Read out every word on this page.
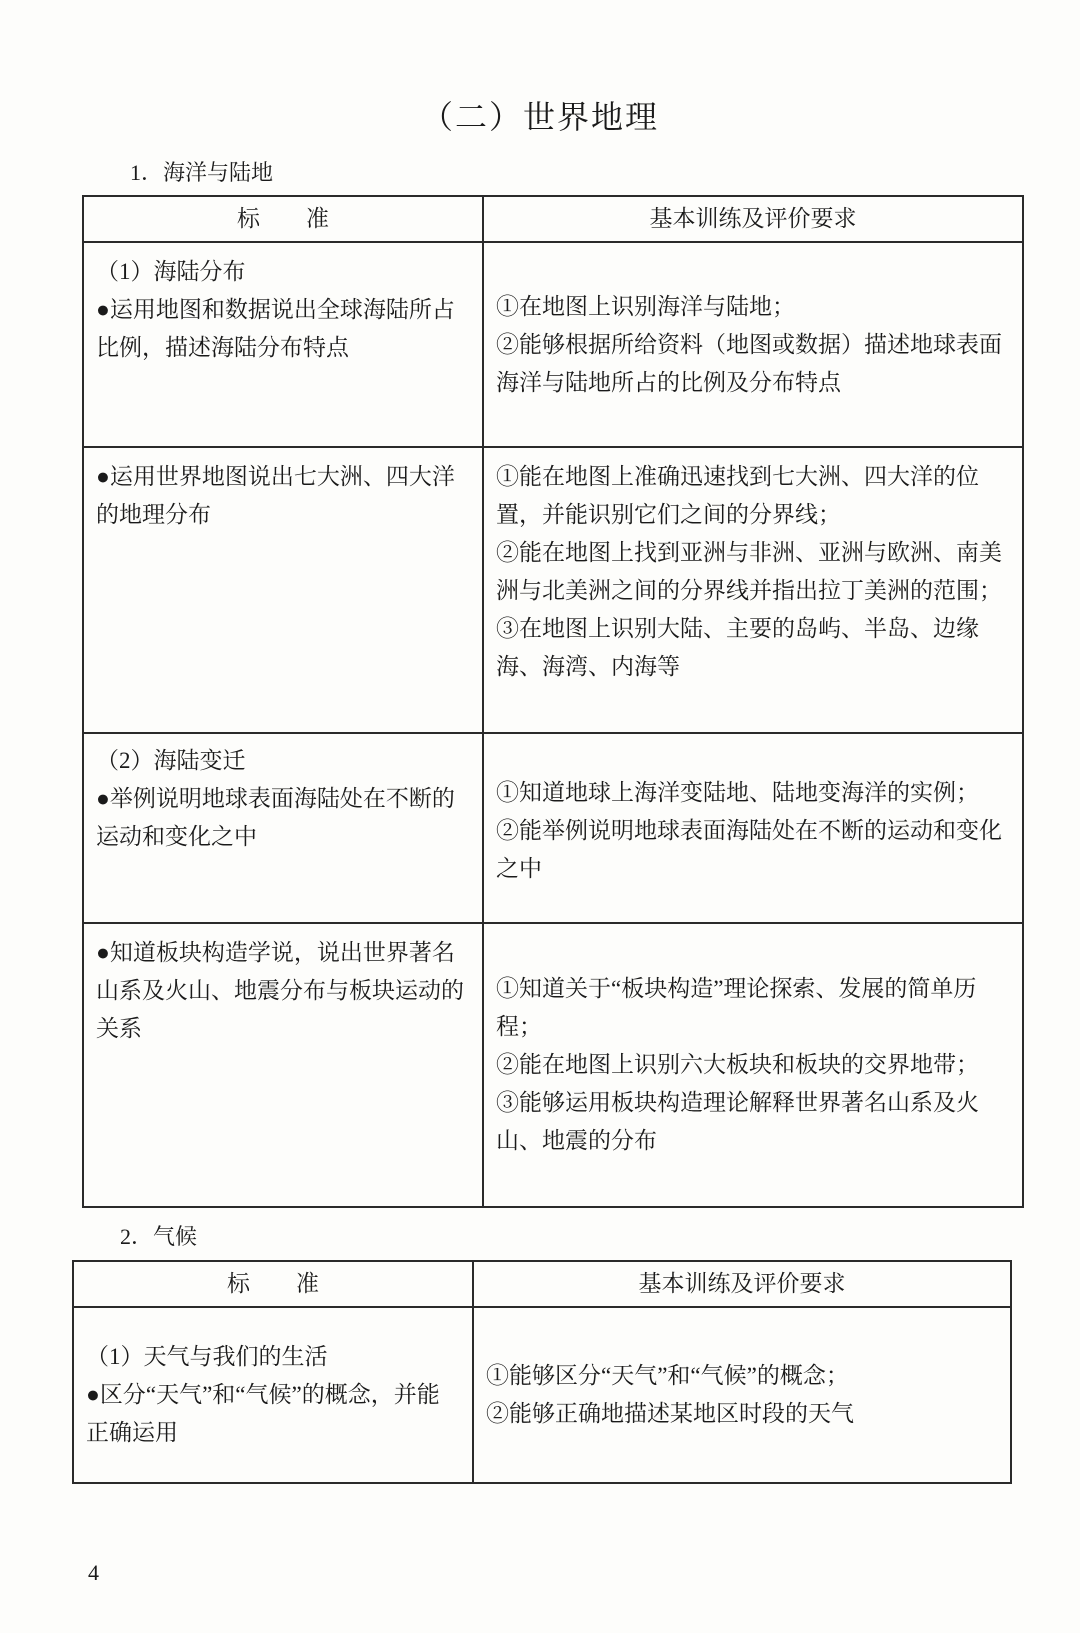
（二）世界地理
1．海洋与陆地
标　　准	基本训练及评价要求

（1）海陆分布
●运用地图和数据说出全球海陆所占比例，描述海陆分布特点	①在地图上识别海洋与陆地；
②能够根据所给资料（地图或数据）描述地球表面海洋与陆地所占的比例及分布特点

●运用世界地图说出七大洲、四大洋的地理分布	①能在地图上准确迅速找到七大洲、四大洋的位置，并能识别它们之间的分界线；
②能在地图上找到亚洲与非洲、亚洲与欧洲、南美洲与北美洲之间的分界线并指出拉丁美洲的范围；
③在地图上识别大陆、主要的岛屿、半岛、边缘海、海湾、内海等

（2）海陆变迁
●举例说明地球表面海陆处在不断的运动和变化之中	①知道地球上海洋变陆地、陆地变海洋的实例；
②能举例说明地球表面海陆处在不断的运动和变化之中

●知道板块构造学说，说出世界著名山系及火山、地震分布与板块运动的关系	①知道关于“板块构造”理论探索、发展的简单历程；
②能在地图上识别六大板块和板块的交界地带；
③能够运用板块构造理论解释世界著名山系及火山、地震的分布
2．气候
标　　准	基本训练及评价要求

（1）天气与我们的生活
●区分“天气”和“气候”的概念，并能正确运用	①能够区分“天气”和“气候”的概念；
②能够正确地描述某地区时段的天气
4
